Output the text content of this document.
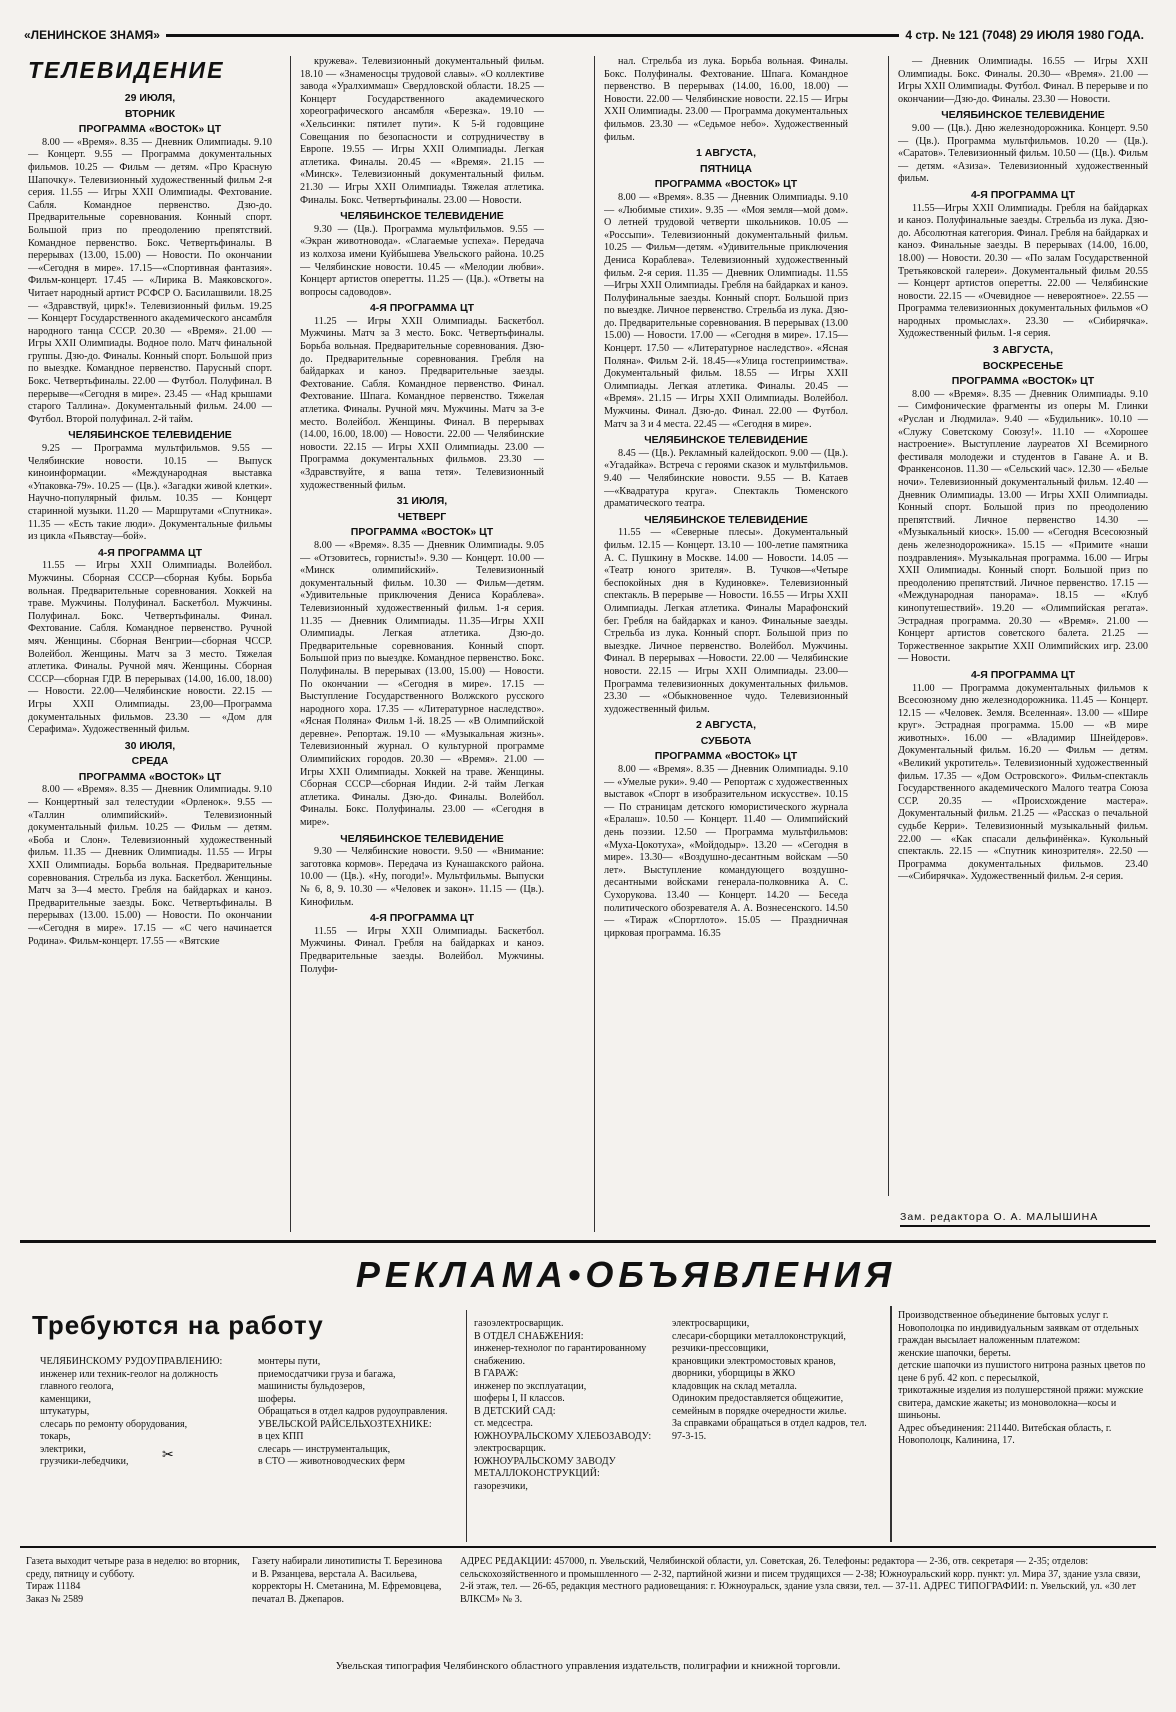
«ЛЕНИНСКОЕ ЗНАМЯ»	4 стр. № 121 (7048) 29 ИЮЛЯ 1980 ГОДА.
ТЕЛЕВИДЕНИЕ
29 ИЮЛЯ,
ВТОРНИК
ПРОГРАММА «ВОСТОК» ЦТ

8.00 — «Время». 8.35 — Дневник Олимпиады. 9.10 — Концерт. 9.55 — Программа документальных фильмов. 10.25 — Фильм — детям. «Про Красную Шапочку». Телевизионный художественный фильм 2-я серия. 11.55 — Игры XXII Олимпиады. Фехтование. Сабля. Командное первенство. Дзю-до. Предварительные соревнования. Конный спорт. Большой приз по преодолению препятствий. Командное первенство. Бокс. Четвертьфиналы. В перерывах (13.00, 15.00) — Новости. По окончании—«Сегодня в мире». 17.15—«Спортивная фантазия». Фильм-концерт. 17.45 — «Лирика В. Маяковского». Читает народный артист РСФСР О. Басилашвили. 18.25 — «Здравствуй, цирк!». Телевизионный фильм. 19.25 — Концерт Государственного академического ансамбля народного танца СССР. 20.30 — «Время». 21.00 — Игры XXII Олимпиады. Водное поло. Матч финальной группы. Дзю-до. Финалы. Конный спорт. Большой приз по выездке. Командное первенство. Парусный спорт. Бокс. Четвертьфиналы. 22.00 — Футбол. Полуфинал. В перерыве—«Сегодня в мире». 23.45 — «Над крышами старого Таллина». Документальный фильм. 24.00 — Футбол. Второй полуфинал. 2-й тайм.

ЧЕЛЯБИНСКОЕ ТЕЛЕВИДЕНИЕ

9.25 — Программа мультфильмов. 9.55 — Челябинские новости. 10.15 — Выпуск киноинформации. «Международная выставка «Упаковка-79». 10.25 — (Цв.). «Загадки живой клетки». Научно-популярный фильм. 10.35 — Концерт старинной музыки. 11.20 — Маршрутами «Спутника». 11.35 — «Есть такие люди». Документальные фильмы из цикла «Пьявстау—бой».

4-Я ПРОГРАММА ЦТ

11.55 — Игры XXII Олимпиады. Волейбол. Мужчины. Сборная СССР—сборная Кубы. Борьба вольная. Предварительные соревнования. Хоккей на траве. Мужчины. Полуфинал. Баскетбол. Мужчины. Полуфинал. Бокс. Четвертьфиналы. Финал. Фехтование. Сабля. Командное первенство. Ручной мяч. Женщины. Сборная Венгрии—сборная ЧССР. Волейбол. Женщины. Матч за 3 место. Тяжелая атлетика. Финалы. Ручной мяч. Женщины. Сборная СССР—сборная ГДР. В перерывах (14.00, 16.00, 18.00) — Новости. 22.00—Челябинские новости. 22.15 — Игры XXII Олимпиады. 23,00—Программа документальных фильмов. 23.30 — «Дом для Серафима». Художественный фильм.

30 ИЮЛЯ,
СРЕДА
ПРОГРАММА «ВОСТОК» ЦТ

8.00 — «Время». 8.35 — Дневник Олимпиады. 9.10 — Концертный зал телестудии «Орленок». 9.55 — «Таллин олимпийский». Телевизионный документальный фильм. 10.25 — Фильм — детям. «Боба и Слон». Телевизионный художественный фильм. 11.35 — Дневник Олимпиады. 11.55 — Игры XXII Олимпиады. Борьба вольная. Предварительные соревнования. Стрельба из лука. Баскетбол. Женщины. Матч за 3—4 место. Гребля на байдарках и каноэ. Предварительные заезды. Бокс. Четвертьфиналы. В перерывах (13.00. 15.00) — Новости. По окончании—«Сегодня в мире». 17.15 — «С чего начинается Родина». Фильм-концерт. 17.55 — «Вятские

кружева». Телевизионный документальный фильм. 18.10 — «Знаменосцы трудовой славы». «О коллективе завода «Уралхиммаш» Свердловской области. 18.25 — Концерт Государственного академического хореографического ансамбля «Березка». 19.10 — «Хельсинки: пятилет пути». К 5-й годовщине Совещания по безопасности и сотрудничеству в Европе. 19.55 — Игры XXII Олимпиады. Легкая атлетика. Финалы. 20.45 — «Время». 21.15 — «Минск». Телевизионный документальный фильм. 21.30 — Игры XXII Олимпиады. Тяжелая атлетика. Финалы. Бокс. Четвертьфиналы. 23.00 — Новости.

ЧЕЛЯБИНСКОЕ ТЕЛЕВИДЕНИЕ

9.30 — (Цв.). Программа мультфильмов. 9.55 — «Экран животновода». «Слагаемые успеха». Передача из колхоза имени Куйбышева Увельского района. 10.25 — Челябинские новости. 10.45 — «Мелодии любви». Концерт артистов оперетты. 11.25 — (Цв.). «Ответы на вопросы садоводов».

4-Я ПРОГРАММА ЦТ

11.25 — Игры XXII Олимпиады. Баскетбол. Мужчины. Матч за 3 место. Бокс. Четвертьфиналы. Борьба вольная. Предварительные соревнования. Дзю-до. Предварительные соревнования. Гребля на байдарках и каноэ. Предварительные заезды. Фехтование. Сабля. Командное первенство. Финал. Фехтование. Шпага. Командное первенство. Тяжелая атлетика. Финалы. Ручной мяч. Мужчины. Матч за 3-е место. Волейбол. Женщины. Финал. В перерывах (14.00, 16.00, 18.00) — Новости. 22.00 — Челябинские новости. 22.15 — Игры XXII Олимпиады. 23.00 — Программа документальных фильмов. 23.30 — «Здравствуйте, я ваша тетя». Телевизионный художественный фильм.

31 ИЮЛЯ,
ЧЕТВЕРГ
ПРОГРАММА «ВОСТОК» ЦТ

8.00 — «Время». 8.35 — Дневник Олимпиады. 9.05 — «Отзовитесь, горнисты!». 9.30 — Концерт. 10.00 — «Минск олимпийский». Телевизионный документальный фильм. 10.30 — Фильм—детям. «Удивительные приключения Дениса Кораблева». Телевизионный художественный фильм. 1-я серия. 11.35 — Дневник Олимпиады. 11.35—Игры XXII Олимпиады. Легкая атлетика. Дзю-до. Предварительные соревнования. Конный спорт. Большой приз по выездке. Командное первенство. Бокс. Полуфиналы. В перерывах (13.00, 15.00) — Новости. По окончании — «Сегодня в мире». 17.15 — Выступление Государственного Волжского русского народного хора. 17.35 — «Литературное наследство». «Ясная Поляна» Фильм 1-й. 18.25 — «В Олимпийской деревне». Репортаж. 19.10 — «Музыкальная жизнь». Телевизионный журнал. О культурной программе Олимпийских городов. 20.30 — «Время». 21.00 — Игры XXII Олимпиады. Хоккей на траве. Женщины. Сборная СССР—сборная Индии. 2-й тайм Легкая атлетика. Финалы. Дзю-до. Финалы. Волейбол. Финалы. Бокс. Полуфиналы. 23.00 — «Сегодня в мире».

ЧЕЛЯБИНСКОЕ ТЕЛЕВИДЕНИЕ

9.30 — Челябинские новости. 9.50 — «Внимание: заготовка кормов». Передача из Кунашакского района. 10.00 — (Цв.). «Ну, погоди!». Мультфильмы. Выпуски № 6, 8, 9. 10.30 — «Человек и закон». 11.15 — (Цв.). Кинофильм.

4-Я ПРОГРАММА ЦТ

11.55 — Игры XXII Олимпиады. Баскетбол. Мужчины. Финал. Гребля на байдарках и каноэ. Предварительные заезды. Волейбол. Мужчины. Полуфи-

нал. Стрельба из лука. Борьба вольная. Финалы. Бокс. Полуфиналы. Фехтование. Шпага. Командное первенство. В перерывах (14.00, 16.00, 18.00) — Новости. 22.00 — Челябинские новости. 22.15 — Игры XXII Олимпиады. 23.00 — Программа документальных фильмов. 23.30 — «Седьмое небо». Художественный фильм.

1 АВГУСТА,
ПЯТНИЦА
ПРОГРАММА «ВОСТОК» ЦТ

8.00 — «Время». 8.35 — Дневник Олимпиады. 9.10 — «Любимые стихи». 9.35 — «Моя земля—мой дом». О летней трудовой четверти школьников. 10.05 — «Россыпи». Телевизионный документальный фильм. 10.25 — Фильм—детям. «Удивительные приключения Дениса Кораблева». Телевизионный художественный фильм. 2-я серия. 11.35 — Дневник Олимпиады. 11.55—Игры XXII Олимпиады. Гребля на байдарках и каноэ. Полуфинальные заезды. Конный спорт. Большой приз по выездке. Личное первенство. Стрельба из лука. Дзю-до. Предварительные соревнования. В перерывах (13.00 15.00) — Новости. 17.00 — «Сегодня в мире». 17.15—Концерт. 17.50 — «Литературное наследство». «Ясная Поляна». Фильм 2-й. 18.45—«Улица гостеприимства». Документальный фильм. 18.55 — Игры XXII Олимпиады. Легкая атлетика. Финалы. 20.45 — «Время». 21.15 — Игры XXII Олимпиады. Волейбол. Мужчины. Финал. Дзю-до. Финал. 22.00 — Футбол. Матч за 3 и 4 места. 22.45 — «Сегодня в мире».

ЧЕЛЯБИНСКОЕ ТЕЛЕВИДЕНИЕ

8.45 — (Цв.). Рекламный калейдоскоп. 9.00 — (Цв.). «Угадайка». Встреча с героями сказок и мультфильмов. 9.40 — Челябинские новости. 9.55 — В. Катаев —«Квадратура круга». Спектакль Тюменского драматического театра.

ЧЕЛЯБИНСКОЕ ТЕЛЕВИДЕНИЕ

11.55 — «Северные плесы». Документальный фильм. 12.15 — Концерт. 13.10 — 100-летие памятника А. С. Пушкину в Москве. 14.00 — Новости. 14.05 — «Театр юного зрителя». В. Тучков—«Четыре беспокойных дня в Кудиновке». Телевизионный спектакль. В перерыве — Новости. 16.55 — Игры XXII Олимпиады. Легкая атлетика. Финалы Марафонский бег. Гребля на байдарках и каноэ. Финальные заезды. Стрельба из лука. Конный спорт. Большой приз по выездке. Личное первенство. Волейбол. Мужчины. Финал. В перерывах —Новости. 22.00 — Челябинские новости. 22.15 — Игры XXII Олимпиады. 23.00— Программа телевизионных документальных фильмов. 23.30 — «Обыкновенное чудо. Телевизионный художественный фильм.

2 АВГУСТА,
СУББОТА
ПРОГРАММА «ВОСТОК» ЦТ

8.00 — «Время». 8.35 — Дневник Олимпиады. 9.10 — «Умелые руки». 9.40 — Репортаж с художественных выставок «Спорт в изобразительном искусстве». 10.15 — По страницам детского юмористического журнала «Ералаш». 10.50 — Концерт. 11.40 — Олимпийский день поэзии. 12.50 — Программа мультфильмов: «Муха-Цокотуха», «Мойдодыр». 13.20 — «Сегодня в мире». 13.30— «Воздушно-десантным войскам —50 лет». Выступление командующего воздушно-десантными войсками генерала-полковника А. С. Сухорукова. 13.40 — Концерт. 14.20 — Беседа политического обозревателя А. А. Вознесенского. 14.50 — «Тираж «Спортлото». 15.05 — Праздничная цирковая программа. 16.35

— Дневник Олимпиады. 16.55 — Игры XXII Олимпиады. Бокс. Финалы. 20.30— «Время». 21.00 — Игры XXII Олимпиады. Футбол. Финал. В перерыве и по окончании—Дзю-до. Финалы. 23.30 — Новости.

ЧЕЛЯБИНСКОЕ ТЕЛЕВИДЕНИЕ

9.00 — (Цв.). Дню железнодорожника. Концерт. 9.50 — (Цв.). Программа мультфильмов. 10.20 — (Цв.). «Саратов». Телевизионный фильм. 10.50 — (Цв.). Фильм — детям. «Азиза». Телевизионный художественный фильм.

4-Я ПРОГРАММА ЦТ

11.55—Игры XXII Олимпиады. Гребля на байдарках и каноэ. Полуфинальные заезды. Стрельба из лука. Дзю-до. Абсолютная категория. Финал. Гребля на байдарках и каноэ. Финальные заезды. В перерывах (14.00, 16.00, 18.00) — Новости. 20.30 — «По залам Государственной Третьяковской галереи». Документальный фильм 20.55 — Концерт артистов оперетты. 22.00 — Челябинские новости. 22.15 — «Очевидное — невероятное». 22.55 — Программа телевизионных документальных фильмов «О народных промыслах». 23.30 — «Сибирячка». Художественный фильм. 1-я серия.

3 АВГУСТА,
ВОСКРЕСЕНЬЕ
ПРОГРАММА «ВОСТОК» ЦТ

8.00 — «Время». 8.35 — Дневник Олимпиады. 9.10 — Симфонические фрагменты из оперы М. Глинки «Руслан и Людмила». 9.40 — «Будильник». 10.10 — «Служу Советскому Союзу!». 11.10 — «Хорошее настроение». Выступление лауреатов XI Всемирного фестиваля молодежи и студентов в Гаване А. и В. Франкенсонов. 11.30 — «Сельский час». 12.30 — «Белые ночи». Телевизионный документальный фильм. 12.40 — Дневник Олимпиады. 13.00 — Игры XXII Олимпиады. Конный спорт. Большой приз по преодолению препятствий. Личное первенство 14.30 — «Музыкальный киоск». 15.00 — «Сегодня Всесоюзный день железнодорожника». 15.15 — «Примите «наши поздравления». Музыкальная программа. 16.00 — Игры XXII Олимпиады. Конный спорт. Большой приз по преодолению препятствий. Личное первенство. 17.15 — «Международная панорама». 18.15 — «Клуб кинопутешествий». 19.20 — «Олимпийская регата». Эстрадная программа. 20.30 — «Время». 21.00 — Концерт артистов советского балета. 21.25 — Торжественное закрытие XXII Олимпийских игр. 23.00 — Новости.

4-Я ПРОГРАММА ЦТ

11.00 — Программа документальных фильмов к Всесоюзному дню железнодорожника. 11.45 — Концерт. 12.15 — «Человек. Земля. Вселенная». 13.00 — «Шире круг». Эстрадная программа. 15.00 — «В мире животных». 16.00 — «Владимир Шнейдеров». Документальный фильм. 16.20 — Фильм — детям. «Великий укротитель». Телевизионный художественный фильм. 17.35 — «Дом Островского». Фильм-спектакль Государственного академического Малого театра Союза ССР. 20.35 — «Происхождение мастера». Документальный фильм. 21.25 — «Рассказ о печальной судьбе Керри». Телевизионный музыкальный фильм. 22.00 — «Как спасали дельфинёнка». Кукольный спектакль. 22.15 — «Спутник кинозрителя». 22.50 — Программа документальных фильмов. 23.40 —«Сибирячка». Художественный фильм. 2-я серия.

Зам. редактора О. А. МАЛЫШИНА
РЕКЛАМА•ОБЪЯВЛЕНИЯ
Требуются на работу

ЧЕЛЯБИНСКОМУ РУДОУПРАВЛЕНИЮ:

инженер или техник-геолог на должность главного геолога,

каменщики,

штукатуры,

слесарь по ремонту оборудования,

токарь,

электрики,

грузчики-лебедчики,	✂

монтеры пути,

приемосдатчики груза и багажа,

машинисты бульдозеров,

шоферы.

Обращаться в отдел кадров рудоуправления.

УВЕЛЬСКОЙ РАЙСЕЛЬХОЗТЕХНИКЕ:

в цех КПП

слесарь — инструментальщик,

в СТО — животноводческих ферм

газоэлектросварщик.

В ОТДЕЛ СНАБЖЕНИЯ:

инженер-технолог по гарантированному снабжению.

В ГАРАЖ:

инженер по эксплуатации,

шоферы I, II классов.

В ДЕТСКИЙ САД:

ст. медсестра.

ЮЖНОУРАЛЬСКОМУ ХЛЕБОЗАВОДУ:

электросварщик.

ЮЖНОУРАЛЬСКОМУ ЗАВОДУ МЕТАЛЛОКОНСТРУКЦИЙ:

газорезчики,

электросварщики,

слесари-сборщики металлоконструкций,

резчики-прессовщики,

крановщики электромостовых кранов,

дворники, уборщицы в ЖКО

кладовщик на склад металла.

Одиноким предоставляется общежитие, семейным в порядке очередности жилье.

За справками обращаться в отдел кадров, тел. 97-3-15.

Производственное объединение бытовых услуг г. Новополоцка по индивидуальным заявкам от отдельных граждан высылает наложенным платежом:

женские шапочки, береты.

детские шапочки из пушистого нитрона разных цветов по цене 6 руб. 42 коп. с пересылкой,

трикотажные изделия из полушерстяной пряжи: мужские свитера, дамские жакеты; из моноволокна—косы и шиньоны.

Адрес объединения: 211440. Витебская область, г. Новополоцк, Калинина, 17.

Газета выходит четыре раза в неделю: во вторник, среду, пятницу и субботу.

Тираж 11184

Заказ № 2589

Газету набирали линотиписты Т. Березинова и В. Рязанцева, верстала А. Васильева, корректоры Н. Сметанина, М. Ефремовцева, печатал В. Джепаров.

АДРЕС РЕДАКЦИИ: 457000, п. Увельский, Челябинской области, ул. Советская, 26. Телефоны: редактора — 2-36, отв. секретаря — 2-35; отделов: сельскохозяйственного и промышленного — 2-32, партийной жизни и писем трудящихся — 2-38; Южноуральский корр. пункт: ул. Мира 37, здание узла связи, 2-й этаж, тел. — 26-65, редакция местного радиовещания: г. Южноуральск, здание узла связи, тел. — 37-11. АДРЕС ТИПОГРАФИИ: п. Увельский, ул. «30 лет ВЛКСМ» № 3.

Увельская типография Челябинского областного управления издательств, полиграфии и книжной торговли.
